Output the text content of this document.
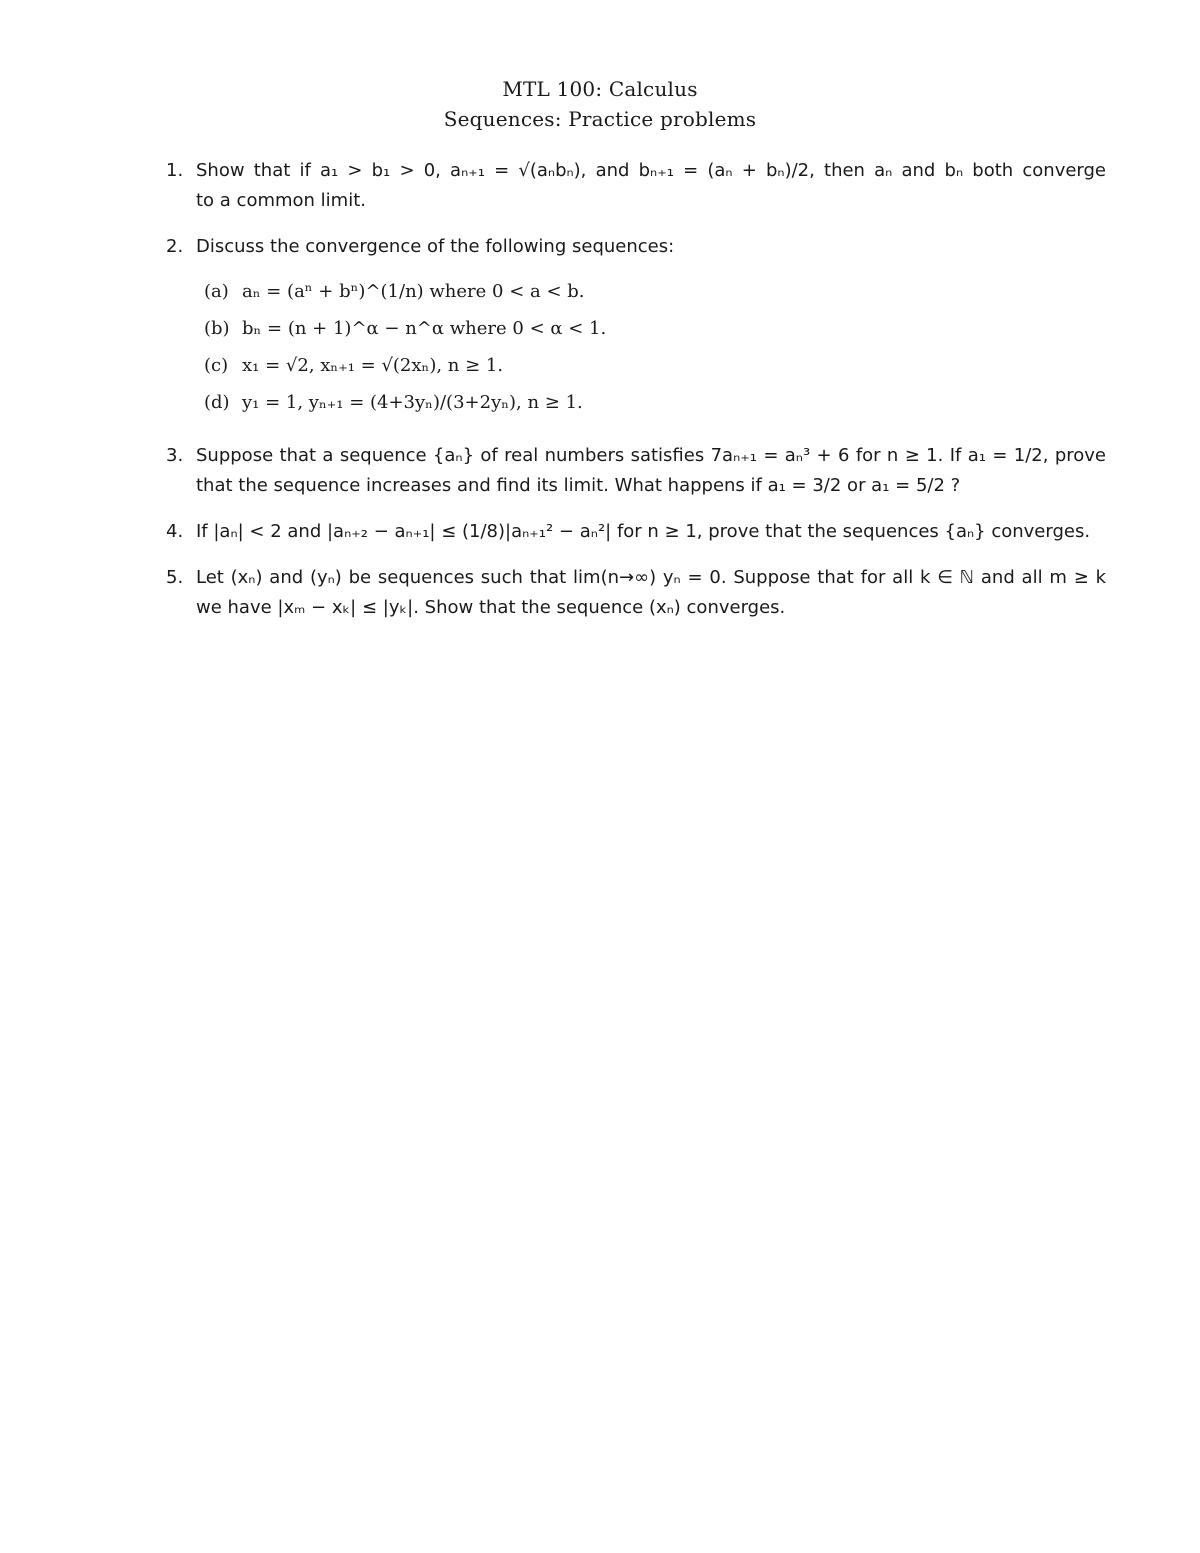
MTL 100: Calculus
Sequences: Practice problems
1. Show that if a₁ > b₁ > 0, aₙ₊₁ = √(aₙbₙ), and bₙ₊₁ = (aₙ + bₙ)/2, then aₙ and bₙ both converge
to a common limit.
2. Discuss the convergence of the following sequences:
(a) aₙ = (aⁿ + bⁿ)^(1/n) where 0 < a < b.
(b) bₙ = (n + 1)^α − n^α where 0 < α < 1.
(c) x₁ = √2, xₙ₊₁ = √(2xₙ), n ≥ 1.
(d) y₁ = 1, yₙ₊₁ = (4+3yₙ)/(3+2yₙ), n ≥ 1.
3. Suppose that a sequence {aₙ} of real numbers satisfies 7aₙ₊₁ = aₙ³ + 6 for n ≥ 1. If a₁ = 1/2, prove
that the sequence increases and find its limit. What happens if a₁ = 3/2 or a₁ = 5/2 ?
4. If |aₙ| < 2 and |aₙ₊₂ − aₙ₊₁| ≤ (1/8)|aₙ₊₁² − aₙ²| for n ≥ 1, prove that the sequences {aₙ} converges.
5. Let (xₙ) and (yₙ) be sequences such that lim(n→∞) yₙ = 0. Suppose that for all k ∈ ℕ and all m ≥ k
we have |xₘ − xₖ| ≤ |yₖ|. Show that the sequence (xₙ) converges.
